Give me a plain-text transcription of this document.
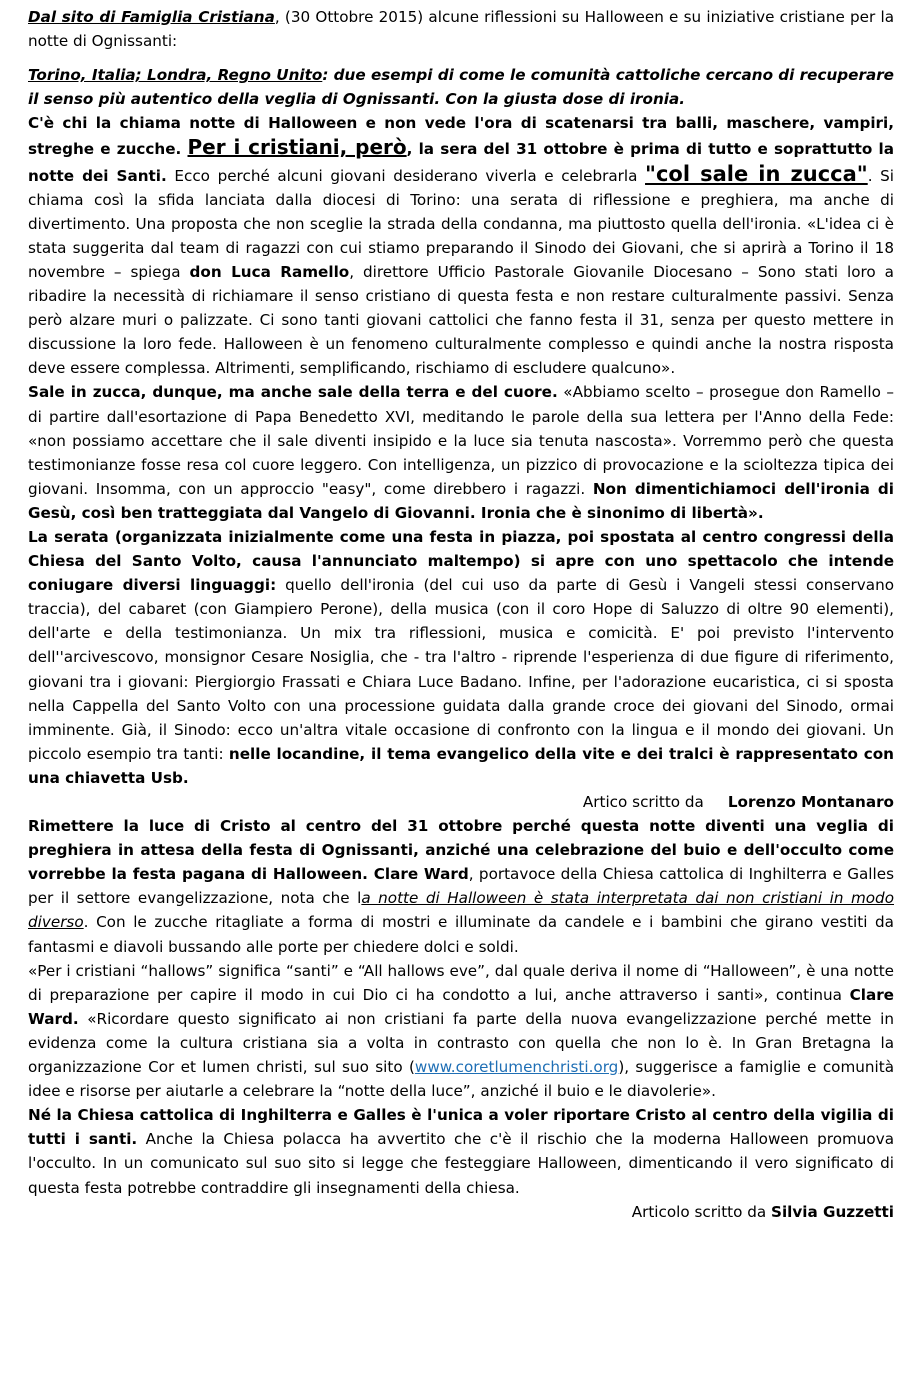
Dal sito di Famiglia Cristiana, (30 Ottobre 2015) alcune riflessioni su Halloween e su iniziative cristiane per la notte di Ognissanti:

Torino, Italia; Londra, Regno Unito: due esempi di come le comunità cattoliche cercano di recuperare il senso più autentico della veglia di Ognissanti. Con la giusta dose di ironia.

C'è chi la chiama notte di Halloween e non vede l'ora di scatenarsi tra balli, maschere, vampiri, streghe e zucche. Per i cristiani, però, la sera del 31 ottobre è prima di tutto e soprattutto la notte dei Santi. Ecco perché alcuni giovani desiderano viverla e celebrarla "col sale in zucca". Si chiama così la sfida lanciata dalla diocesi di Torino: una serata di riflessione e preghiera, ma anche di divertimento. Una proposta che non sceglie la strada della condanna, ma piuttosto quella dell'ironia. «L'idea ci è stata suggerita dal team di ragazzi con cui stiamo preparando il Sinodo dei Giovani, che si aprirà a Torino il 18 novembre – spiega don Luca Ramello, direttore Ufficio Pastorale Giovanile Diocesano – Sono stati loro a ribadire la necessità di richiamare il senso cristiano di questa festa e non restare culturalmente passivi. Senza però alzare muri o palizzate. Ci sono tanti giovani cattolici che fanno festa il 31, senza per questo mettere in discussione la loro fede. Halloween è un fenomeno culturalmente complesso e quindi anche la nostra risposta deve essere complessa. Altrimenti, semplificando, rischiamo di escludere qualcuno».

Sale in zucca, dunque, ma anche sale della terra e del cuore. «Abbiamo scelto – prosegue don Ramello – di partire dall'esortazione di Papa Benedetto XVI, meditando le parole della sua lettera per l'Anno della Fede: «non possiamo accettare che il sale diventi insipido e la luce sia tenuta nascosta». Vorremmo però che questa testimonianze fosse resa col cuore leggero. Con intelligenza, un pizzico di provocazione e la scioltezza tipica dei giovani. Insomma, con un approccio "easy", come direbbero i ragazzi. Non dimentichiamoci dell'ironia di Gesù, così ben tratteggiata dal Vangelo di Giovanni. Ironia che è sinonimo di libertà».

La serata (organizzata inizialmente come una festa in piazza, poi spostata al centro congressi della Chiesa del Santo Volto, causa l'annunciato maltempo) si apre con uno spettacolo che intende coniugare diversi linguaggi: quello dell'ironia (del cui uso da parte di Gesù i Vangeli stessi conservano traccia), del cabaret (con Giampiero Perone), della musica (con il coro Hope di Saluzzo di oltre 90 elementi), dell'arte e della testimonianza. Un mix tra riflessioni, musica e comicità. E' poi previsto l'intervento dell''arcivescovo, monsignor Cesare Nosiglia, che - tra l'altro - riprende l'esperienza di due figure di riferimento, giovani tra i giovani: Piergiorgio Frassati e Chiara Luce Badano. Infine, per l'adorazione eucaristica, ci si sposta nella Cappella del Santo Volto con una processione guidata dalla grande croce dei giovani del Sinodo, ormai imminente. Già, il Sinodo: ecco un'altra vitale occasione di confronto con la lingua e il mondo dei giovani. Un piccolo esempio tra tanti: nelle locandine, il tema evangelico della vite e dei tralci è rappresentato con una chiavetta Usb.

Artico scritto da Lorenzo Montanaro

Rimettere la luce di Cristo al centro del 31 ottobre perché questa notte diventi una veglia di preghiera in attesa della festa di Ognissanti, anziché una celebrazione del buio e dell'occulto come vorrebbe la festa pagana di Halloween. Clare Ward, portavoce della Chiesa cattolica di Inghilterra e Galles per il settore evangelizzazione, nota che la notte di Halloween è stata interpretata dai non cristiani in modo diverso. Con le zucche ritagliate a forma di mostri e illuminate da candele e i bambini che girano vestiti da fantasmi e diavoli bussando alle porte per chiedere dolci e soldi.

«Per i cristiani “hallows” significa “santi” e “All hallows eve”, dal quale deriva il nome di “Halloween”, è una notte di preparazione per capire il modo in cui Dio ci ha condotto a lui, anche attraverso i santi», continua Clare Ward. «Ricordare questo significato ai non cristiani fa parte della nuova evangelizzazione perché mette in evidenza come la cultura cristiana sia a volta in contrasto con quella che non lo è. In Gran Bretagna la organizzazione Cor et lumen christi, sul suo sito (www.coretlumenchristi.org), suggerisce a famiglie e comunità idee e risorse per aiutarle a celebrare la “notte della luce”, anziché il buio e le diavolerie».

Né la Chiesa cattolica di Inghilterra e Galles è l'unica a voler riportare Cristo al centro della vigilia di tutti i santi. Anche la Chiesa polacca ha avvertito che c'è il rischio che la moderna Halloween promuova l'occulto. In un comunicato sul suo sito si legge che festeggiare Halloween, dimenticando il vero significato di questa festa potrebbe contraddire gli insegnamenti della chiesa.

Articolo scritto da Silvia Guzzetti
